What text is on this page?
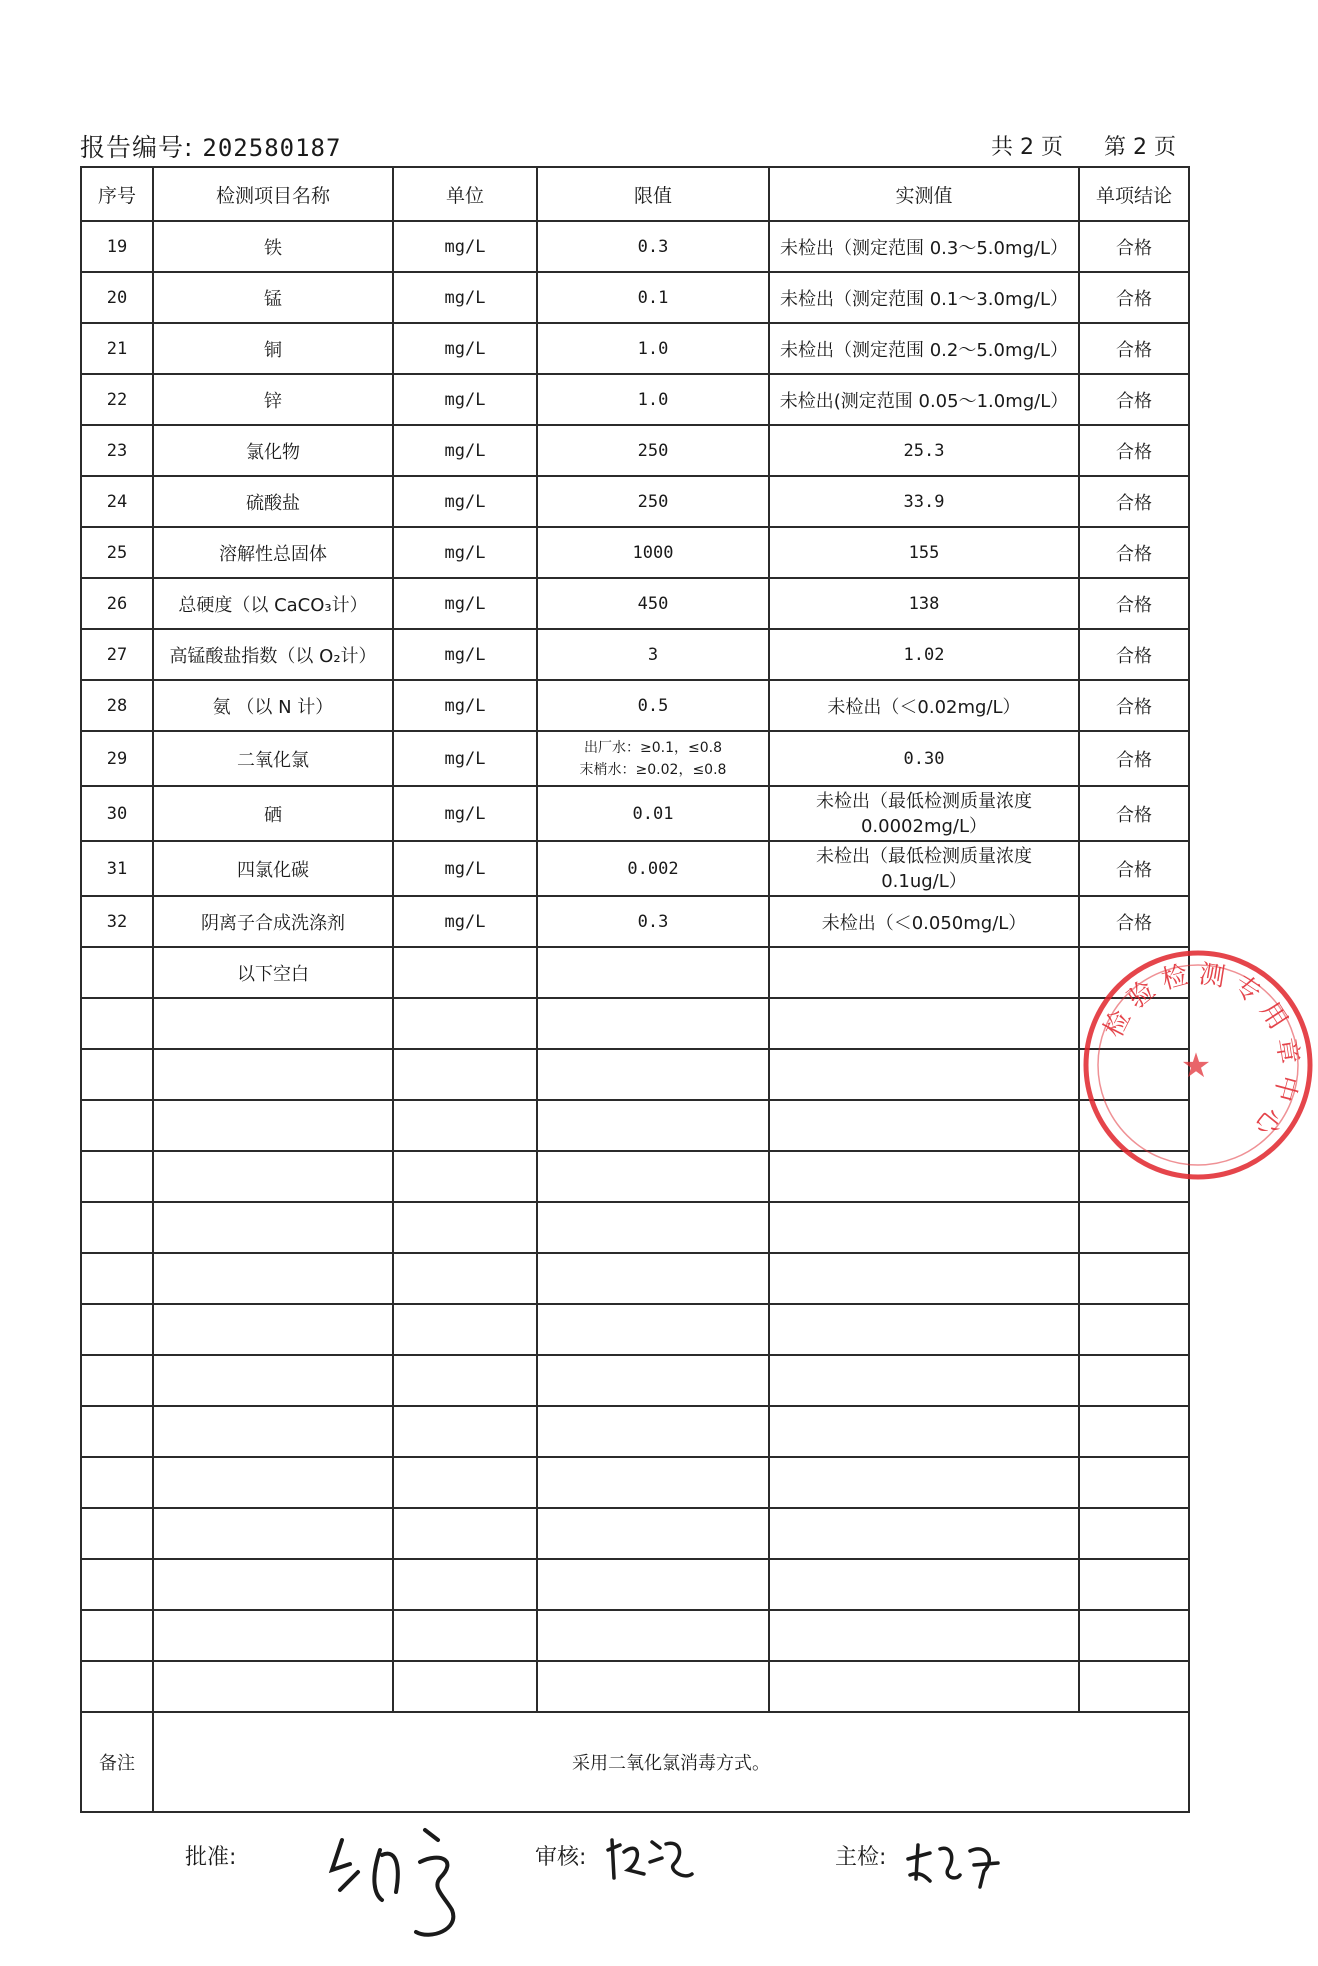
报告编号: 202580187	共 2 页 第 2 页
序号	检测项目名称	单位	限值	实测值	单项结论
19	铁	mg/L	0.3	未检出（测定范围 0.3～5.0mg/L）	合格
20	锰	mg/L	0.1	未检出（测定范围 0.1～3.0mg/L）	合格
21	铜	mg/L	1.0	未检出（测定范围 0.2～5.0mg/L）	合格
22	锌	mg/L	1.0	未检出(测定范围 0.05～1.0mg/L）	合格
23	氯化物	mg/L	250	25.3	合格
24	硫酸盐	mg/L	250	33.9	合格
25	溶解性总固体	mg/L	1000	155	合格
26	总硬度（以 CaCO₃计）	mg/L	450	138	合格
27	高锰酸盐指数（以 O₂计）	mg/L	3	1.02	合格
28	氨 （以 N 计）	mg/L	0.5	未检出（＜0.02mg/L）	合格
29	二氧化氯	mg/L	出厂水：≥0.1，≤0.8
末梢水：≥0.02，≤0.8	0.30	合格
30	硒	mg/L	0.01	未检出（最低检测质量浓度
0.0002mg/L）	合格
31	四氯化碳	mg/L	0.002	未检出（最低检测质量浓度
0.1ug/L）	合格
32	阴离子合成洗涤剂	mg/L	0.3	未检出（＜0.050mg/L）	合格
	以下空白				

备注	采用二氧化氯消毒方式。				
检 验 检 测 专 用 章 中 心
★
批准:	审核:	主检:
